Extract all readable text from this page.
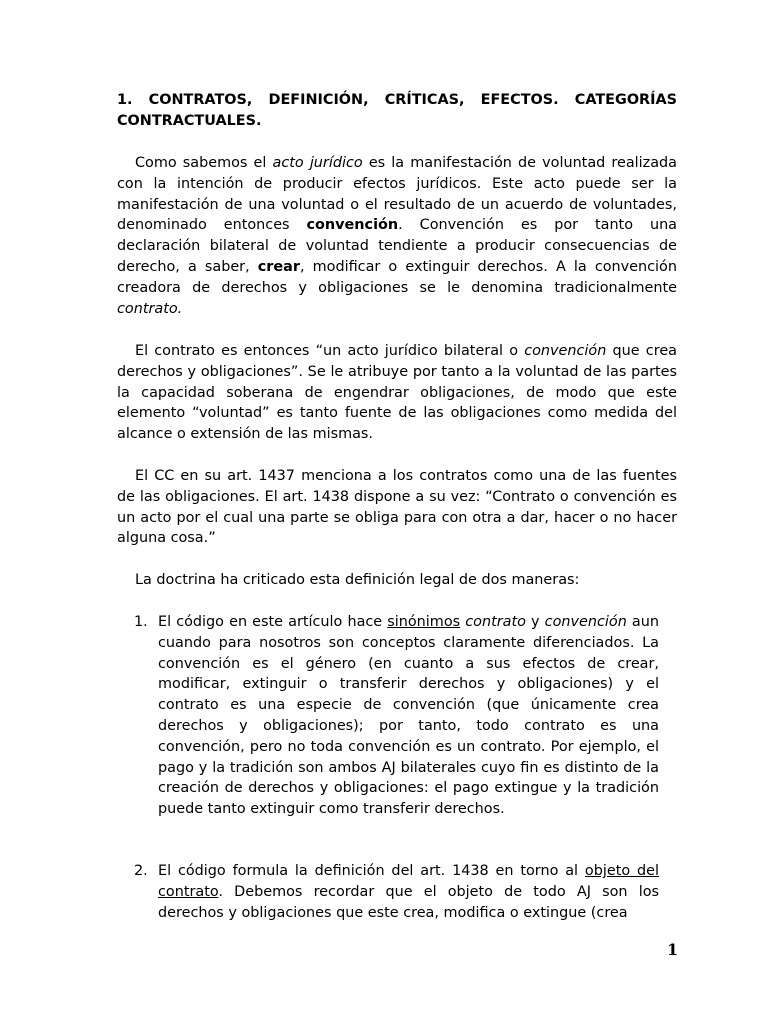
1. CONTRATOS, DEFINICIÓN, CRÍTICAS, EFECTOS. CATEGORÍAS CONTRACTUALES.

Como sabemos el acto jurídico es la manifestación de voluntad realizada con la intención de producir efectos jurídicos. Este acto puede ser la manifestación de una voluntad o el resultado de un acuerdo de voluntades, denominado entonces convención. Convención es por tanto una declaración bilateral de voluntad tendiente a producir consecuencias de derecho, a saber, crear, modificar o extinguir derechos. A la convención creadora de derechos y obligaciones se le denomina tradicionalmente contrato.

El contrato es entonces “un acto jurídico bilateral o convención que crea derechos y obligaciones”. Se le atribuye por tanto a la voluntad de las partes la capacidad soberana de engendrar obligaciones, de modo que este elemento “voluntad” es tanto fuente de las obligaciones como medida del alcance o extensión de las mismas.

El CC en su art. 1437 menciona a los contratos como una de las fuentes de las obligaciones. El art. 1438 dispone a su vez: “Contrato o convención es un acto por el cual una parte se obliga para con otra a dar, hacer o no hacer alguna cosa.”

La doctrina ha criticado esta definición legal de dos maneras:

1. El código en este artículo hace sinónimos contrato y convención aun cuando para nosotros son conceptos claramente diferenciados. La convención es el género (en cuanto a sus efectos de crear, modificar, extinguir o transferir derechos y obligaciones) y el contrato es una especie de convención (que únicamente crea derechos y obligaciones); por tanto, todo contrato es una convención, pero no toda convención es un contrato. Por ejemplo, el pago y la tradición son ambos AJ bilaterales cuyo fin es distinto de la creación de derechos y obligaciones: el pago extingue y la tradición puede tanto extinguir como transferir derechos.
2. El código formula la definición del art. 1438 en torno al objeto del contrato. Debemos recordar que el objeto de todo AJ son los derechos y obligaciones que este crea, modifica o extingue (crea
1
